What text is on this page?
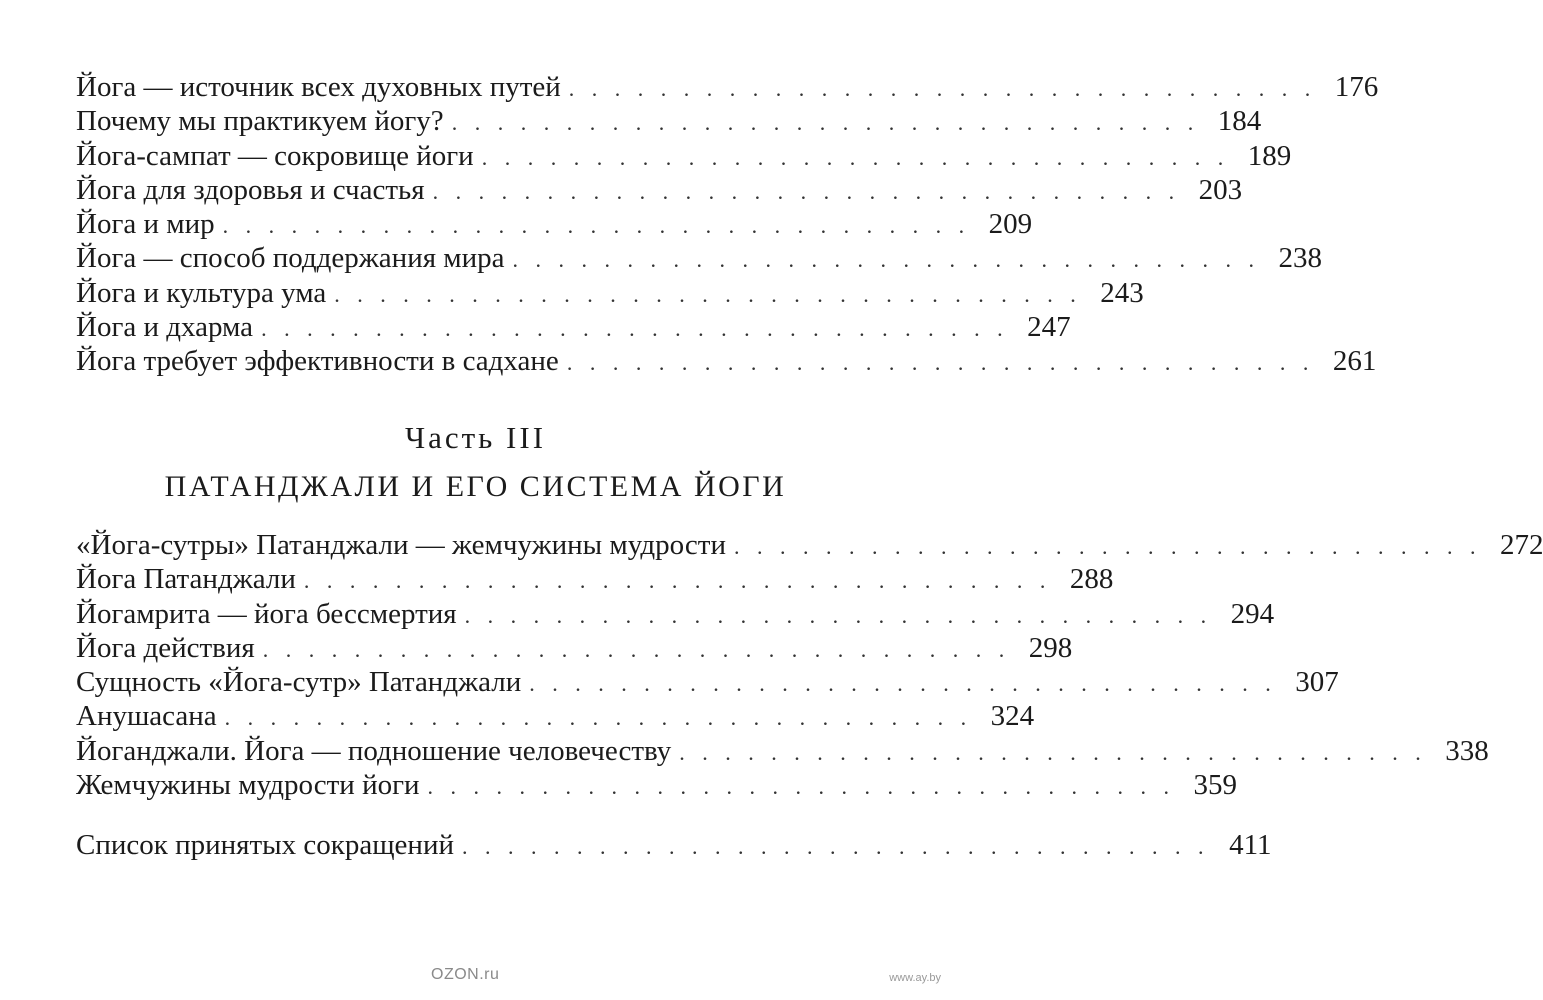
Йога — источник всех духовных путей . . . . . . . . . . . . . . . . . . . . . . . . . . . . . . . . . 176
Почему мы практикуем йогу? . . . . . . . . . . . . . . . . . . . . . . . . . . . . . . . . . 184
Йога-сампат — сокровище йоги . . . . . . . . . . . . . . . . . . . . . . . . . . . . . . . . . 189
Йога для здоровья и счастья . . . . . . . . . . . . . . . . . . . . . . . . . . . . . . . . . 203
Йога и мир . . . . . . . . . . . . . . . . . . . . . . . . . . . . . . . . . 209
Йога — способ поддержания мира . . . . . . . . . . . . . . . . . . . . . . . . . . . . . . . . . 238
Йога и культура ума . . . . . . . . . . . . . . . . . . . . . . . . . . . . . . . . . 243
Йога и дхарма . . . . . . . . . . . . . . . . . . . . . . . . . . . . . . . . . 247
Йога требует эффективности в садхане . . . . . . . . . . . . . . . . . . . . . . . . . . . . . . . . . 261
Часть III
ПАТАНДЖАЛИ И ЕГО СИСТЕМА ЙОГИ
«Йога-сутры» Патанджали — жемчужины мудрости . . . . . . . . . . . . . . . . . . . . . . . . . . . . . . . . . 272
Йога Патанджали . . . . . . . . . . . . . . . . . . . . . . . . . . . . . . . . . 288
Йогамрита — йога бессмертия . . . . . . . . . . . . . . . . . . . . . . . . . . . . . . . . . 294
Йога действия . . . . . . . . . . . . . . . . . . . . . . . . . . . . . . . . . 298
Сущность «Йога-сутр» Патанджали . . . . . . . . . . . . . . . . . . . . . . . . . . . . . . . . . 307
Анушасана . . . . . . . . . . . . . . . . . . . . . . . . . . . . . . . . . 324
Йоганджали. Йога — подношение человечеству . . . . . . . . . . . . . . . . . . . . . . . . . . . . . . . . . 338
Жемчужины мудрости йоги . . . . . . . . . . . . . . . . . . . . . . . . . . . . . . . . . 359
Список принятых сокращений . . . . . . . . . . . . . . . . . . . . . . . . . . . . . . . . . 411
OZON.ru	www.ay.by
